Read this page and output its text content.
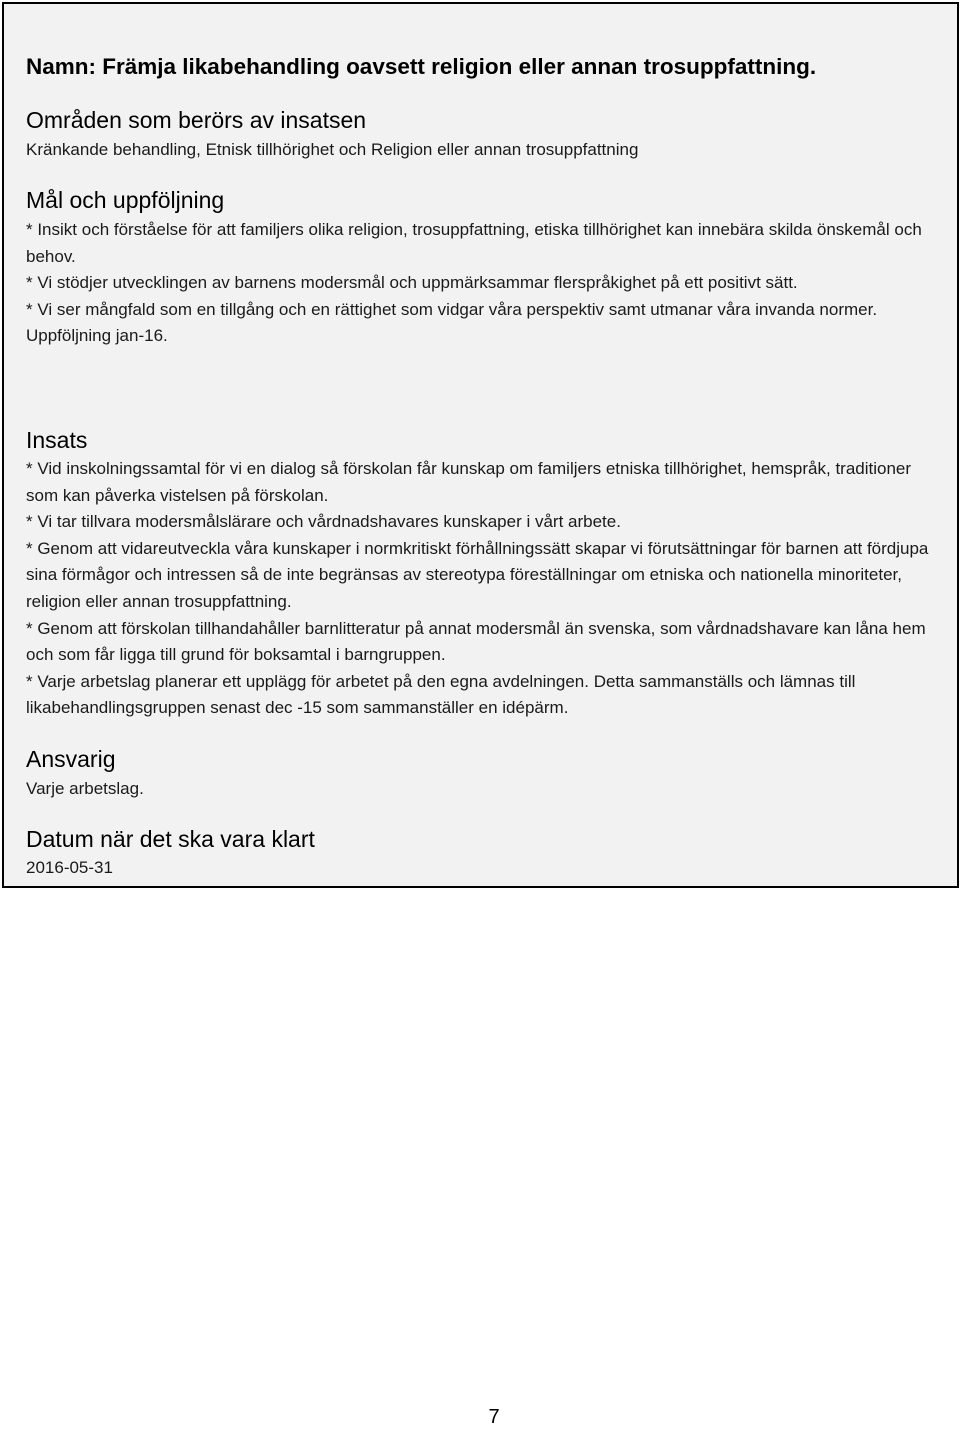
Namn: Främja likabehandling oavsett religion eller annan trosuppfattning.
Områden som berörs av insatsen
Kränkande behandling, Etnisk tillhörighet och Religion eller annan trosuppfattning
Mål och uppföljning

* Insikt och förståelse för att familjers olika religion, trosuppfattning, etiska tillhörighet kan innebära skilda önskemål och behov.

* Vi stödjer utvecklingen av barnens modersmål och uppmärksammar flerspråkighet på ett positivt sätt.

* Vi ser mångfald som en tillgång och en rättighet som vidgar våra perspektiv samt utmanar våra invanda normer.

Uppföljning jan-16.

Insats

* Vid inskolningssamtal för vi en dialog så förskolan får kunskap om familjers etniska tillhörighet, hemspråk, traditioner som kan påverka vistelsen på förskolan.

* Vi tar tillvara modersmålslärare och vårdnadshavares kunskaper i vårt arbete.

* Genom att vidareutveckla våra kunskaper i normkritiskt förhållningssätt skapar vi förutsättningar för barnen att fördjupa sina förmågor och intressen så de inte begränsas av stereotypa föreställningar om etniska och nationella minoriteter, religion eller annan trosuppfattning.

* Genom att förskolan tillhandahåller barnlitteratur på annat modersmål än svenska, som vårdnadshavare kan låna hem och som får ligga till grund för boksamtal i barngruppen.

* Varje arbetslag planerar ett upplägg för arbetet på den egna avdelningen. Detta sammanställs och lämnas till likabehandlingsgruppen senast dec -15 som sammanställer en idépärm.

Ansvarig
Varje arbetslag.
Datum när det ska vara klart
2016-05-31
7
